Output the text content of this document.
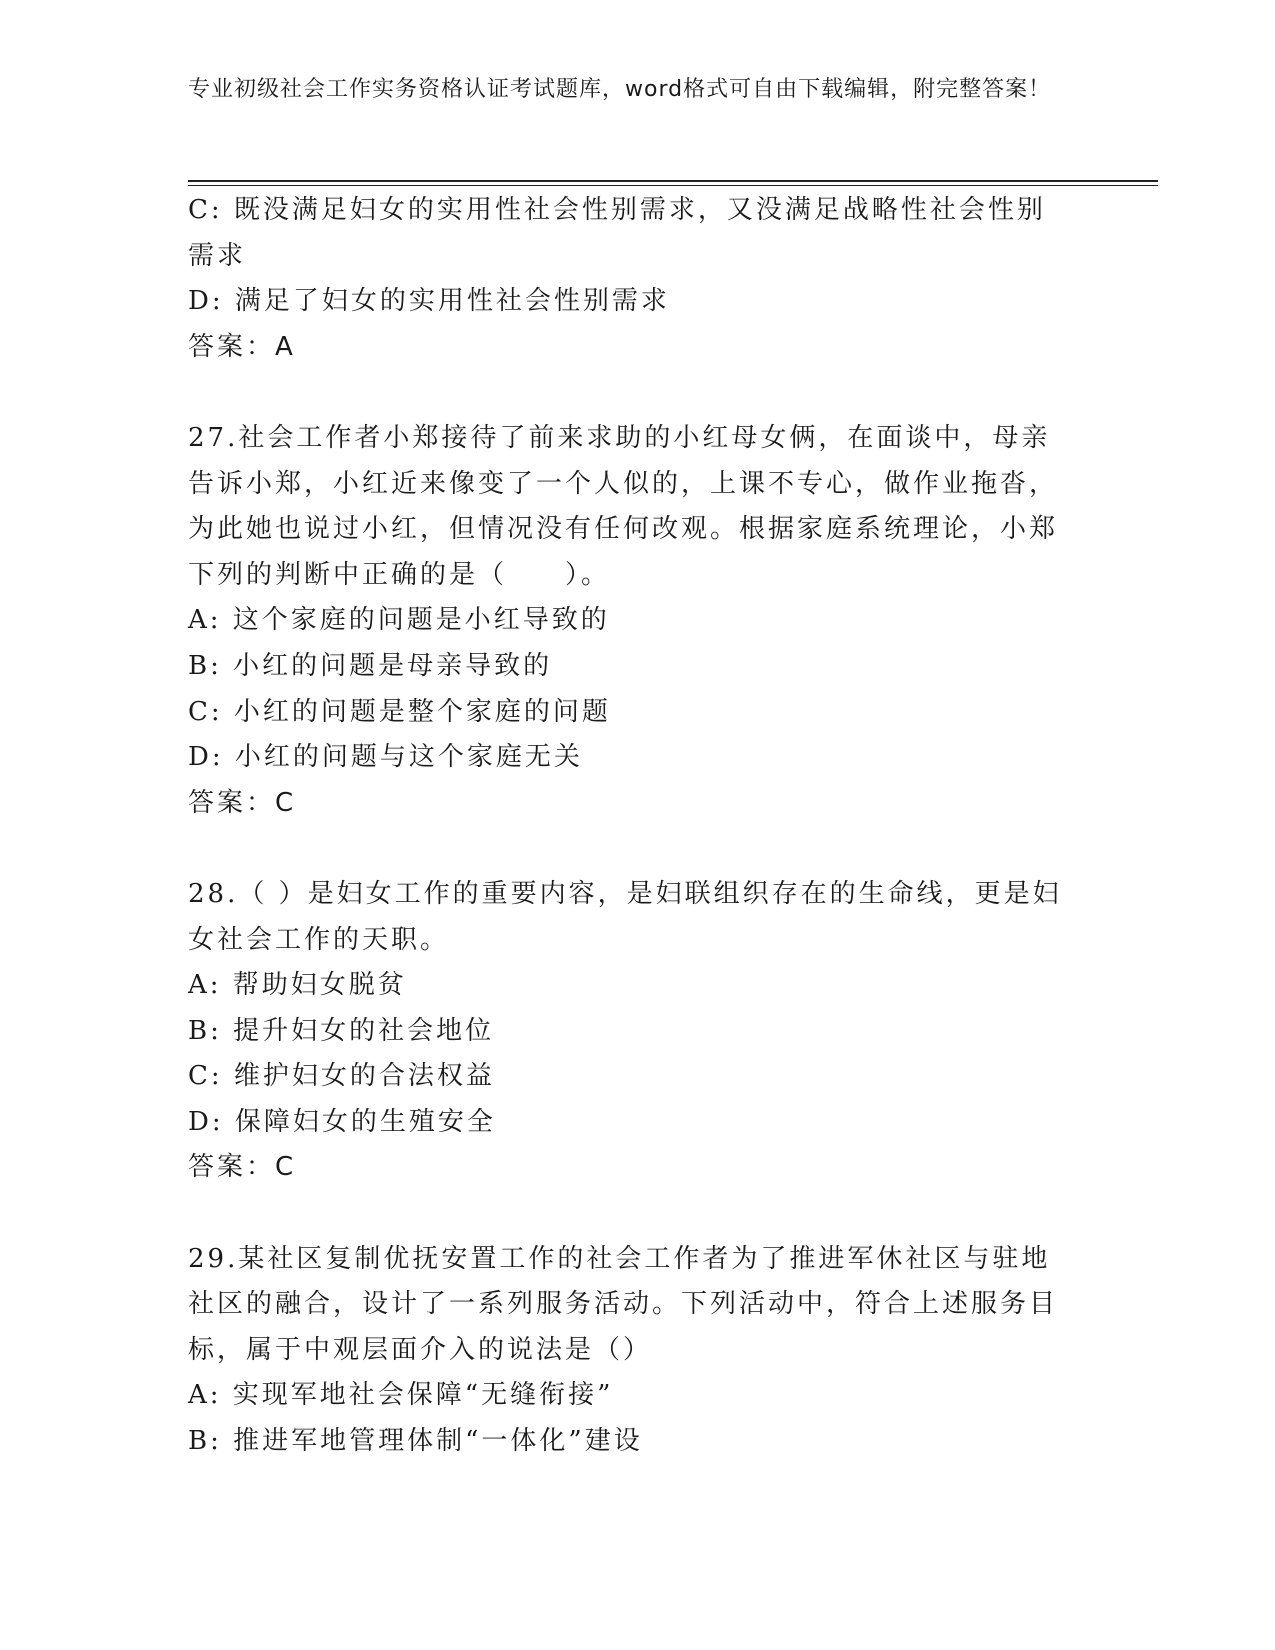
专业初级社会工作实务资格认证考试题库，word格式可自由下载编辑，附完整答案！

C: 既没满足妇女的实用性社会性别需求，又没满足战略性社会性别需求

D: 满足了妇女的实用性社会性别需求

答案：A

27.社会工作者小郑接待了前来求助的小红母女俩，在面谈中，母亲告诉小郑，小红近来像变了一个人似的，上课不专心，做作业拖沓，为此她也说过小红，但情况没有任何改观。根据家庭系统理论，小郑下列的判断中正确的是（　　）。

A: 这个家庭的问题是小红导致的

B: 小红的问题是母亲导致的

C: 小红的问题是整个家庭的问题

D: 小红的问题与这个家庭无关

答案：C

28.（ ）是妇女工作的重要内容，是妇联组织存在的生命线，更是妇女社会工作的天职。

A: 帮助妇女脱贫

B: 提升妇女的社会地位

C: 维护妇女的合法权益

D: 保障妇女的生殖安全

答案：C

29.某社区复制优抚安置工作的社会工作者为了推进军休社区与驻地社区的融合，设计了一系列服务活动。下列活动中，符合上述服务目标，属于中观层面介入的说法是（）

A: 实现军地社会保障“无缝衔接”

B: 推进军地管理体制“一体化”建设
